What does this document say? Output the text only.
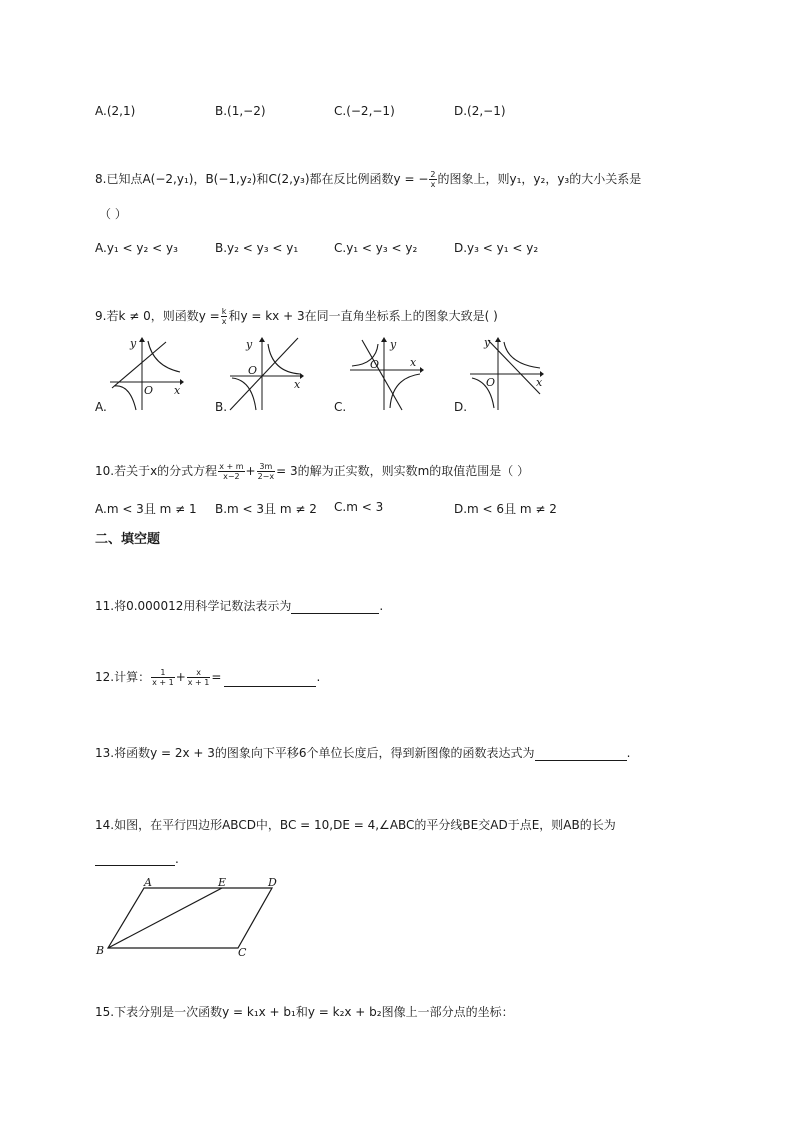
A.(2,1)	B.(1,−2)	C.(−2,−1)	D.(2,−1)
8.已知点A(−2,y₁)，B(−1,y₂)和C(2,y₃)都在反比例函数y = − $\frac{2}{x}$ 的图象上，则y₁，y₂，y₃的大小关系是
（ ）
A.y₁ < y₂ < y₃	B.y₂ < y₃ < y₁	C.y₁ < y₃ < y₂	D.y₃ < y₁ < y₂
9.若k ≠ 0，则函数$y = \frac{k}{x}$ 和y = kx + 3在同一直角坐标系上的图象大致是( )
y
x
O
A.
y
x
O
B.
y
x
O
C.
y
x
O
D.
10.若关于x的分式方程 $\frac{x + m}{x-2} + \frac{3m}{2-x} = 3$的解为正实数，则实数m的取值范围是（ ）
A.m < 3且 m ≠ 1 B.m < 3且 m ≠ 2 C.m < 3	D.m < 6且 m ≠ 2
二、填空题
11.将0.000012用科学记数法表示为	.
12.计算： $\frac{1}{x + 1} + \frac{x}{x + 1}$ =	.
13.将函数y = 2x + 3的图象向下平移6个单位长度后，得到新图像的函数表达式为	.
14.如图，在平行四边形ABCD中，BC = 10,DE = 4,∠ABC的平分线BE交AD于点E，则AB的长为
.
A	E	D
B	C
15.下表分别是一次函数y = k₁x + b₁和y = k₂x + b₂图像上一部分点的坐标：
